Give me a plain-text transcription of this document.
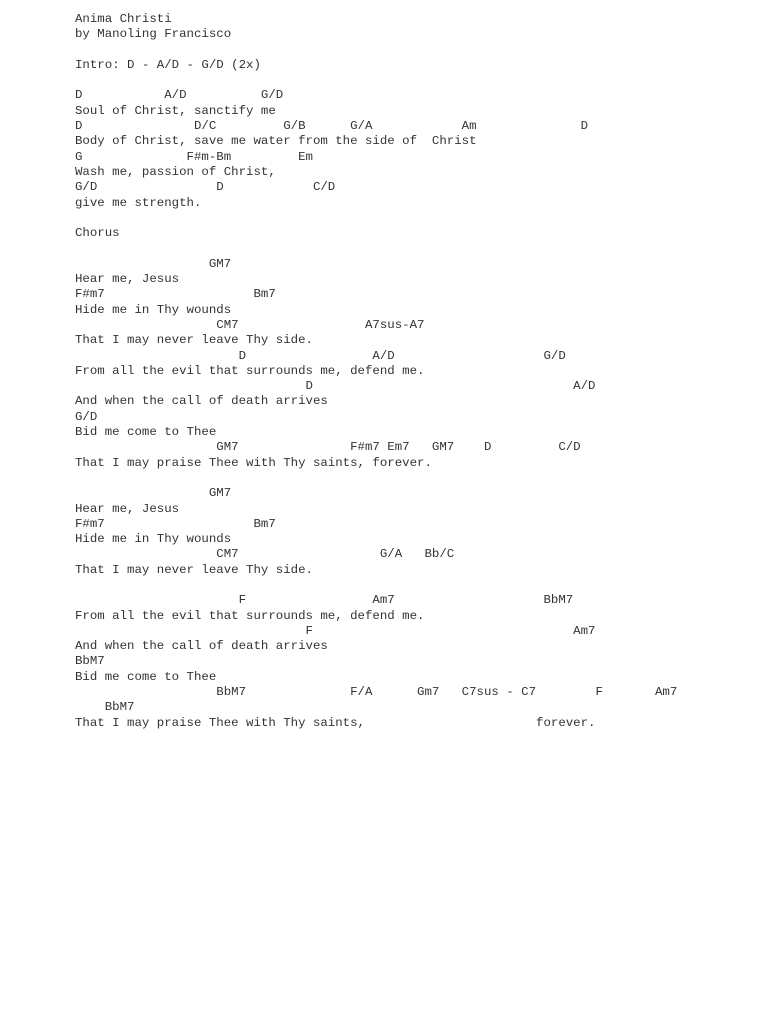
Anima Christi
by Manoling Francisco
Intro: D - A/D - G/D (2x)
D           A/D          G/D
Soul of Christ, sanctify me
D               D/C         G/B      G/A            Am              D
Body of Christ, save me water from the side of  Christ
G              F#m-Bm         Em
Wash me, passion of Christ,
G/D                D            C/D
give me strength.
Chorus
GM7
Hear me, Jesus
F#m7                    Bm7
Hide me in Thy wounds
CM7                 A7sus-A7
That I may never leave Thy side.
D                 A/D                    G/D
From all the evil that surrounds me, defend me.
D                                   A/D
And when the call of death arrives
G/D
Bid me come to Thee
GM7               F#m7 Em7   GM7    D         C/D
That I may praise Thee with Thy saints, forever.
GM7
Hear me, Jesus
F#m7                    Bm7
Hide me in Thy wounds
CM7                   G/A   Bb/C
That I may never leave Thy side.
F                 Am7                    BbM7
From all the evil that surrounds me, defend me.
F                                   Am7
And when the call of death arrives
BbM7
Bid me come to Thee
BbM7              F/A      Gm7   C7sus - C7        F       Am7
BbM7
That I may praise Thee with Thy saints,                       forever.
